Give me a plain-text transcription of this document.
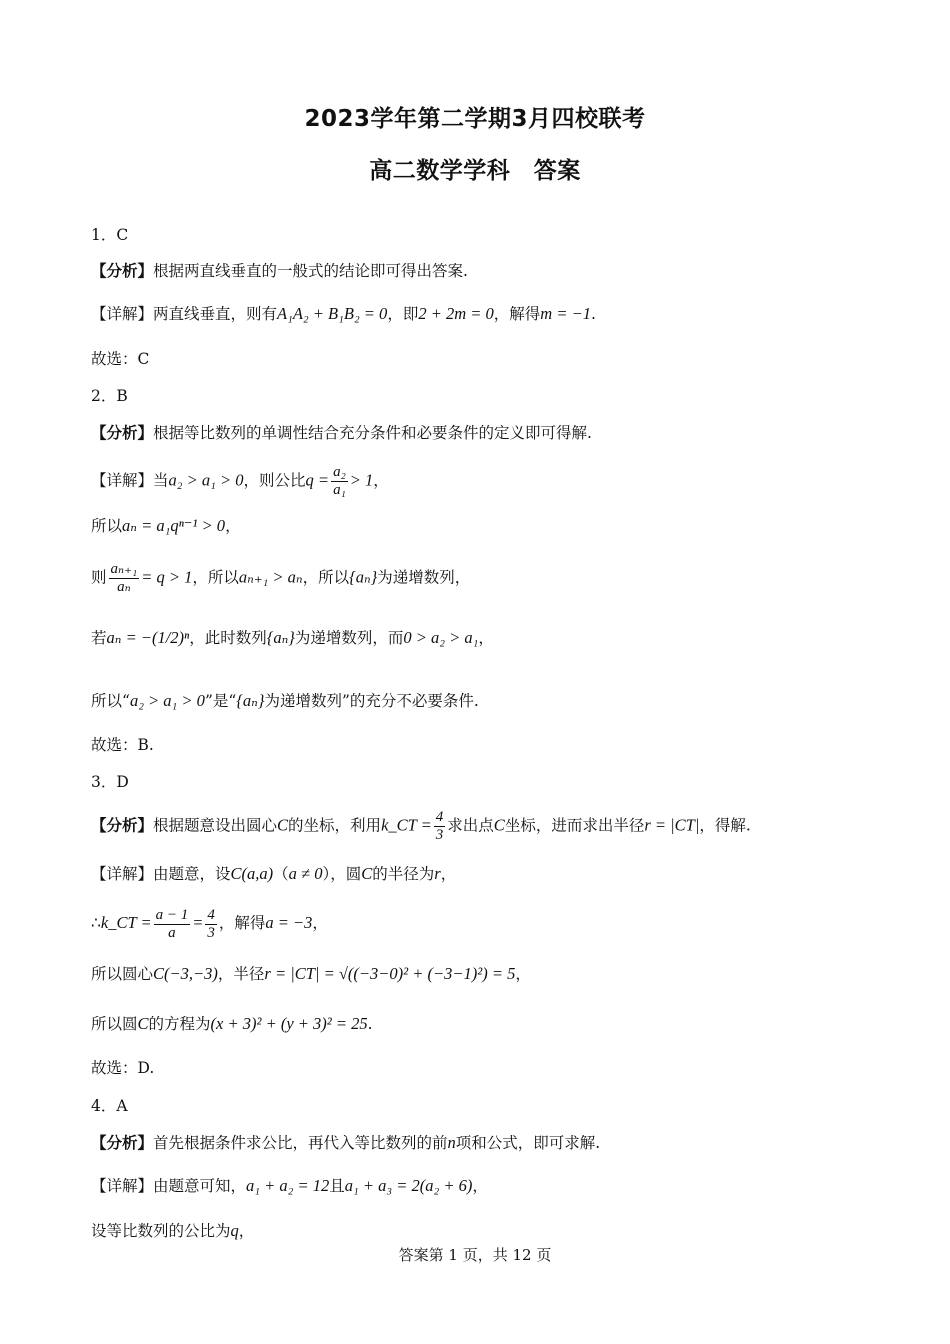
2023学年第二学期3月四校联考
高二数学学科　答案
1．C
【分析】根据两直线垂直的一般式的结论即可得出答案.
【详解】两直线垂直，则有A₁A₂ + B₁B₂ = 0，即2 + 2m = 0，解得m = −1.
故选：C
2．B
【分析】根据等比数列的单调性结合充分条件和必要条件的定义即可得解.
【详解】当a₂ > a₁ > 0，则公比$q = \frac{\text{a₂}}{\text{a₁}} > 1$，
所以aₙ = a₁qⁿ⁻¹ > 0，
则 $\frac{\text{aₙ₊₁}}{\text{aₙ}} = q > 1$，所以aₙ₊₁ > aₙ，所以{aₙ}为递增数列，
若aₙ = −(1/2)ⁿ，此时数列{aₙ}为递增数列，而0 > a₂ > a₁，
所以“a₂ > a₁ > 0”是“{aₙ}为递增数列”的充分不必要条件.
故选：B.
3．D
【分析】根据题意设出圆心C的坐标，利用k_CT = $\frac{4}{3}$ 求出点C坐标，进而求出半径r = |CT|，得解.
【详解】由题意，设C(a,a)（a ≠ 0），圆C的半径为r，
∴k_CT = $\frac{a - 1}{a} = \frac{4}{3}$ ，解得a = −3，
所以圆心C(−3,−3)，半径r = |CT| = √((−3−0)² + (−3−1)²) = 5，
所以圆C的方程为(x + 3)² + (y + 3)² = 25.
故选：D.
4．A
【分析】首先根据条件求公比，再代入等比数列的前n项和公式，即可求解.
【详解】由题意可知，a₁ + a₂ = 12且a₁ + a₃ = 2(a₂ + 6)，
设等比数列的公比为q，
答案第 1 页，共 12 页
